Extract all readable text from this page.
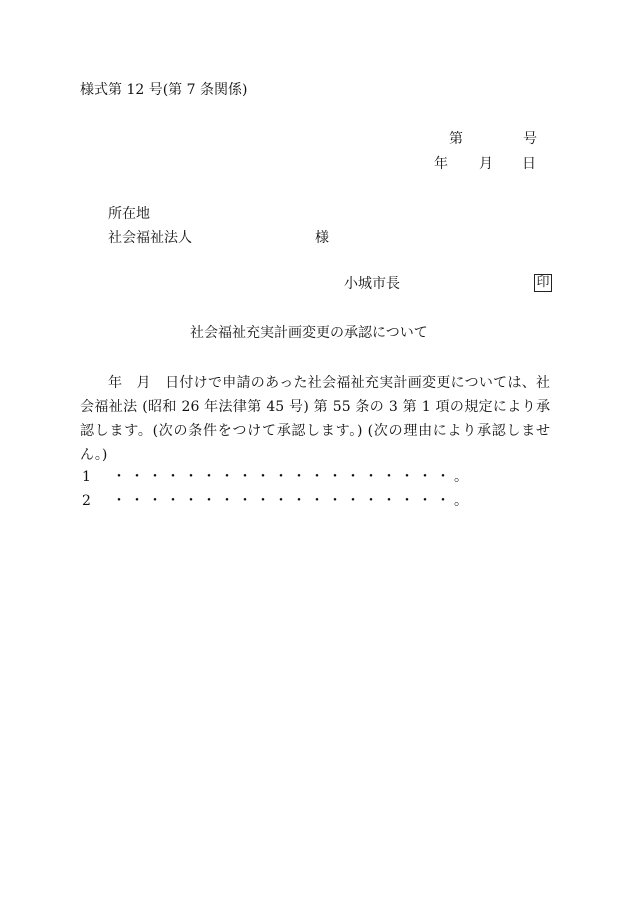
様式第 12 号(第 7 条関係)
第	号
年 月 日
所在地
社会福祉法人	様
小城市長	印
社会福祉充実計画変更の承認について
年　月　日付けで申請のあった社会福祉充実計画変更については、社会福祉法 (昭和 26 年法律第 45 号) 第 55 条の 3 第 1 項の規定により承認します。(次の条件をつけて承認します。) (次の理由により承認しません。)
1 ・・・・・・・・・・・・・・・・・・・。
2 ・・・・・・・・・・・・・・・・・・・。
